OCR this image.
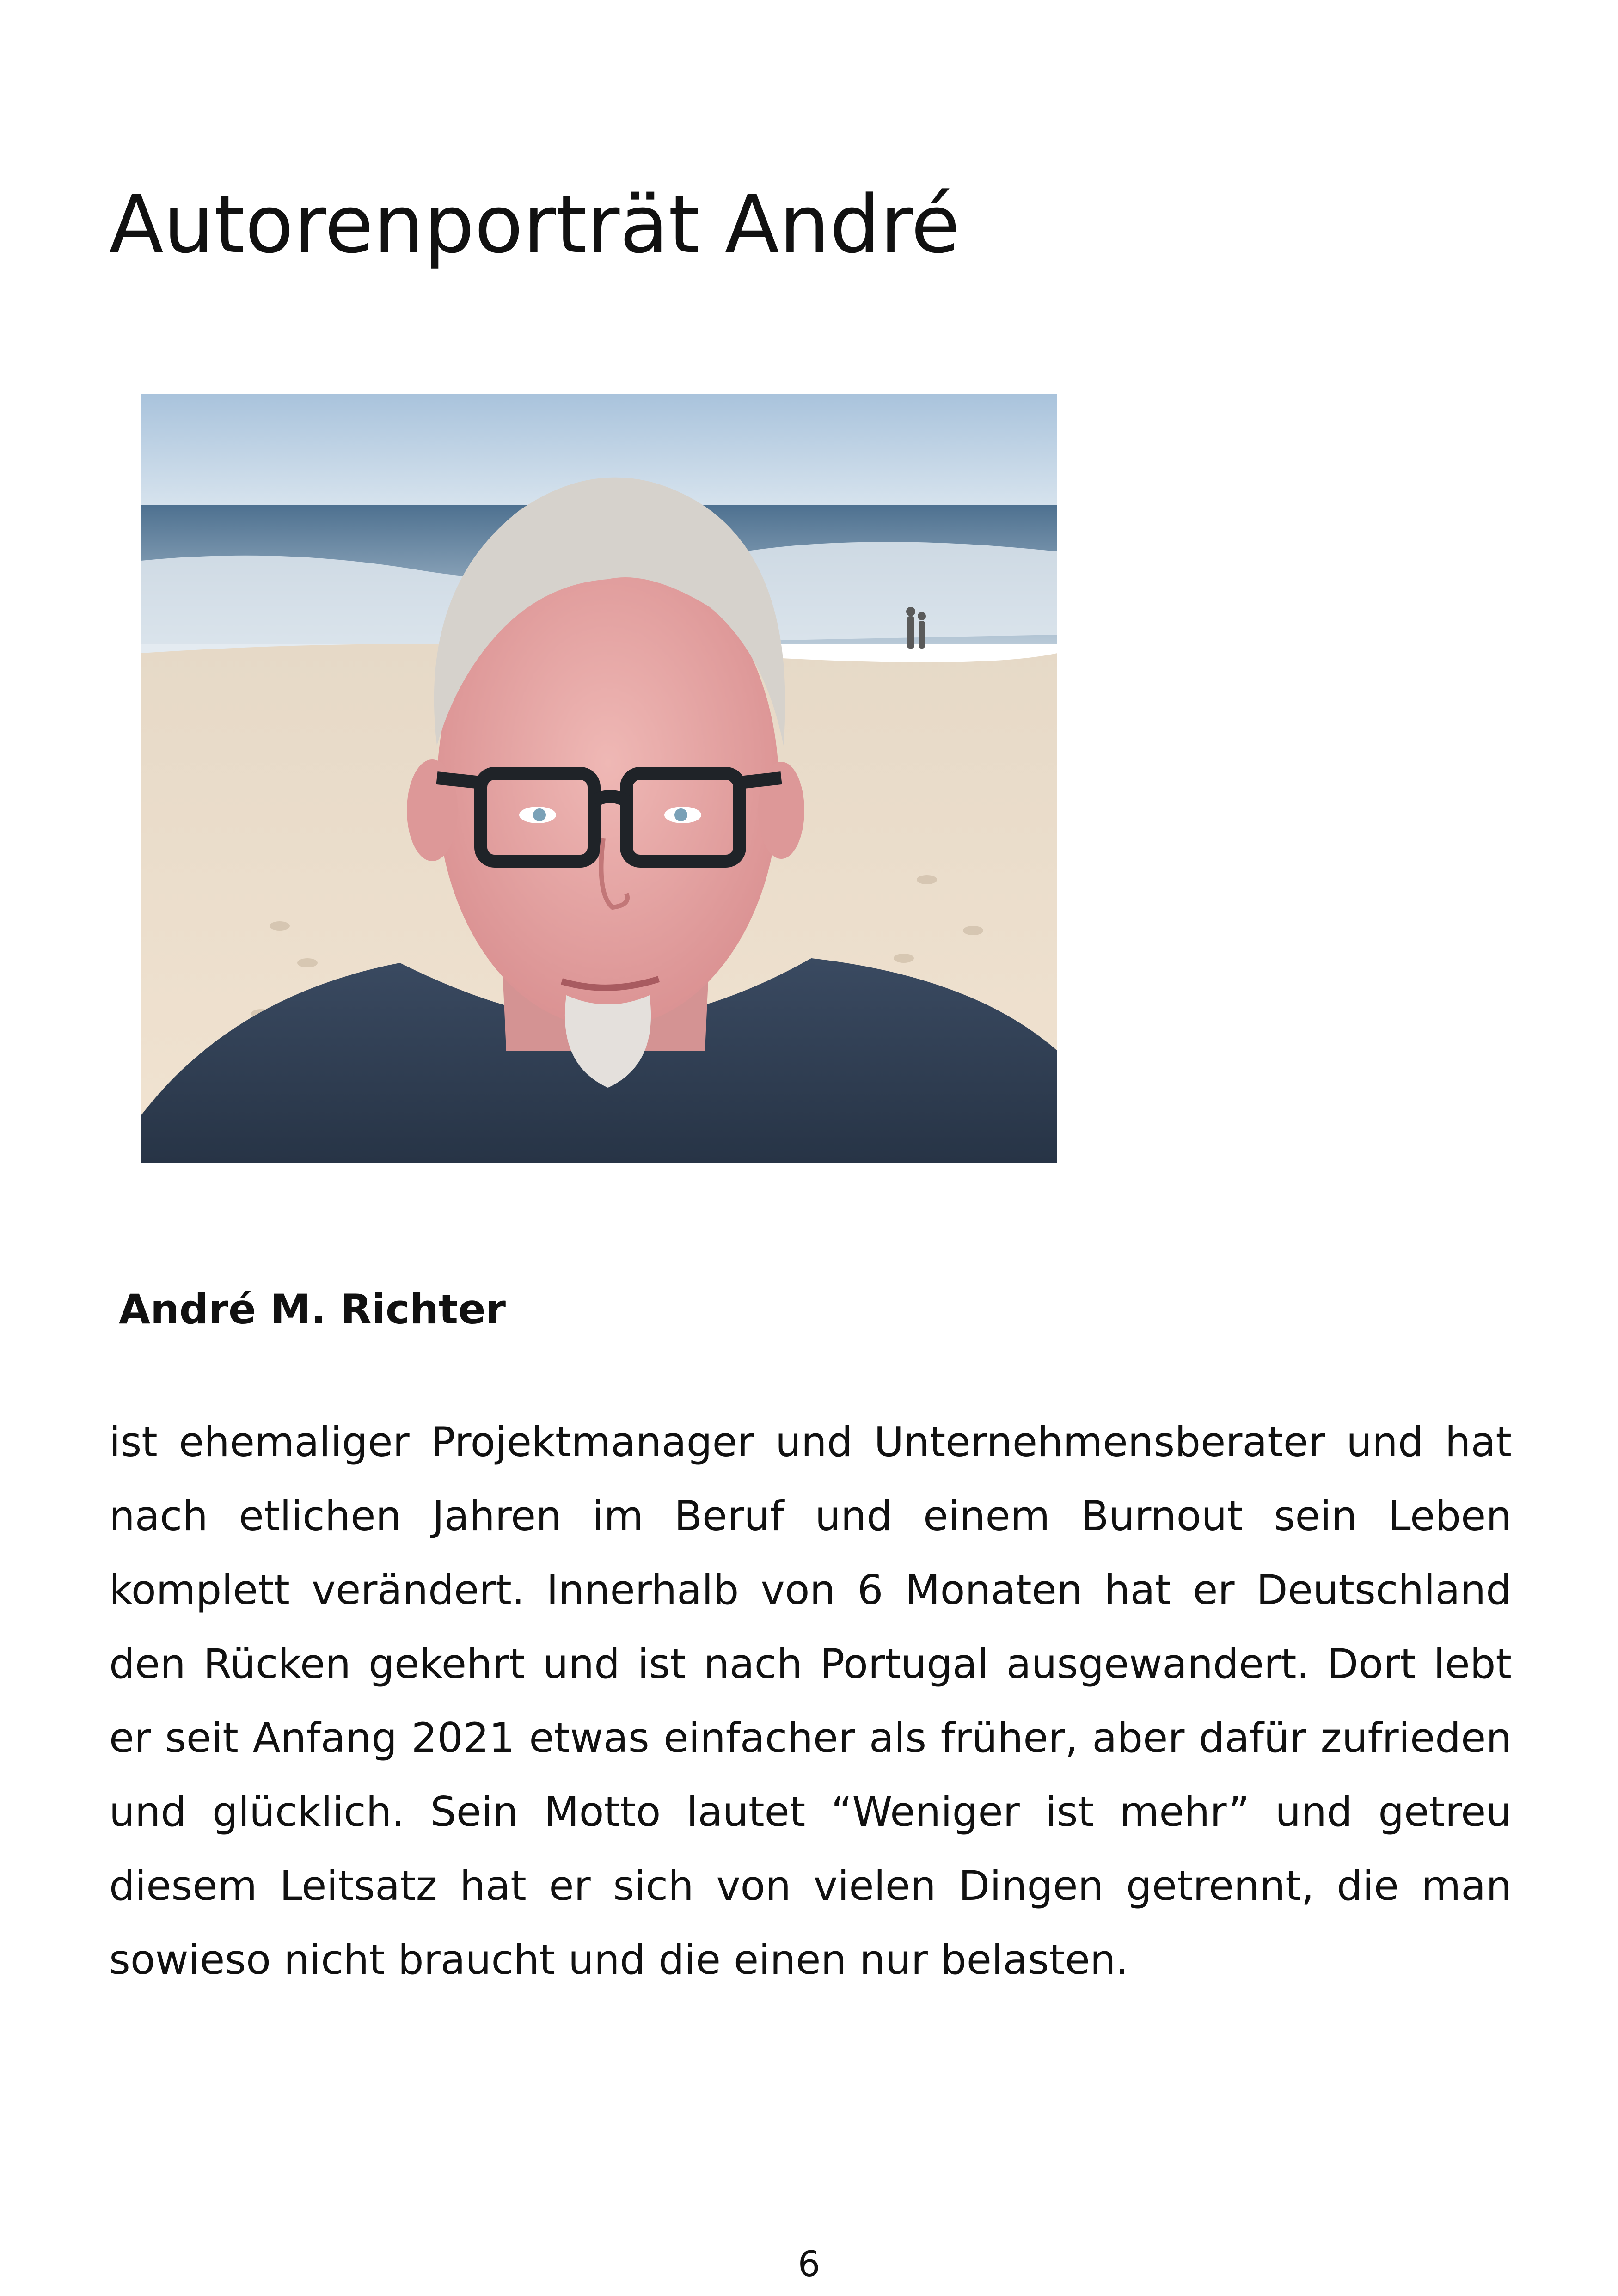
Autorenporträt André

André M. Richter

ist ehemaliger Projektmanager und Unternehmensberater und hat nach etlichen Jahren im Beruf und einem Burnout sein Leben komplett verändert. Innerhalb von 6 Monaten hat er Deutschland den Rücken gekehrt und ist nach Portugal ausgewandert. Dort lebt er seit Anfang 2021 etwas einfacher als früher, aber dafür zufrieden und glücklich. Sein Motto lautet “Weniger ist mehr” und getreu diesem Leitsatz hat er sich von vielen Dingen getrennt, die man sowieso nicht braucht und die einen nur belasten.

6
